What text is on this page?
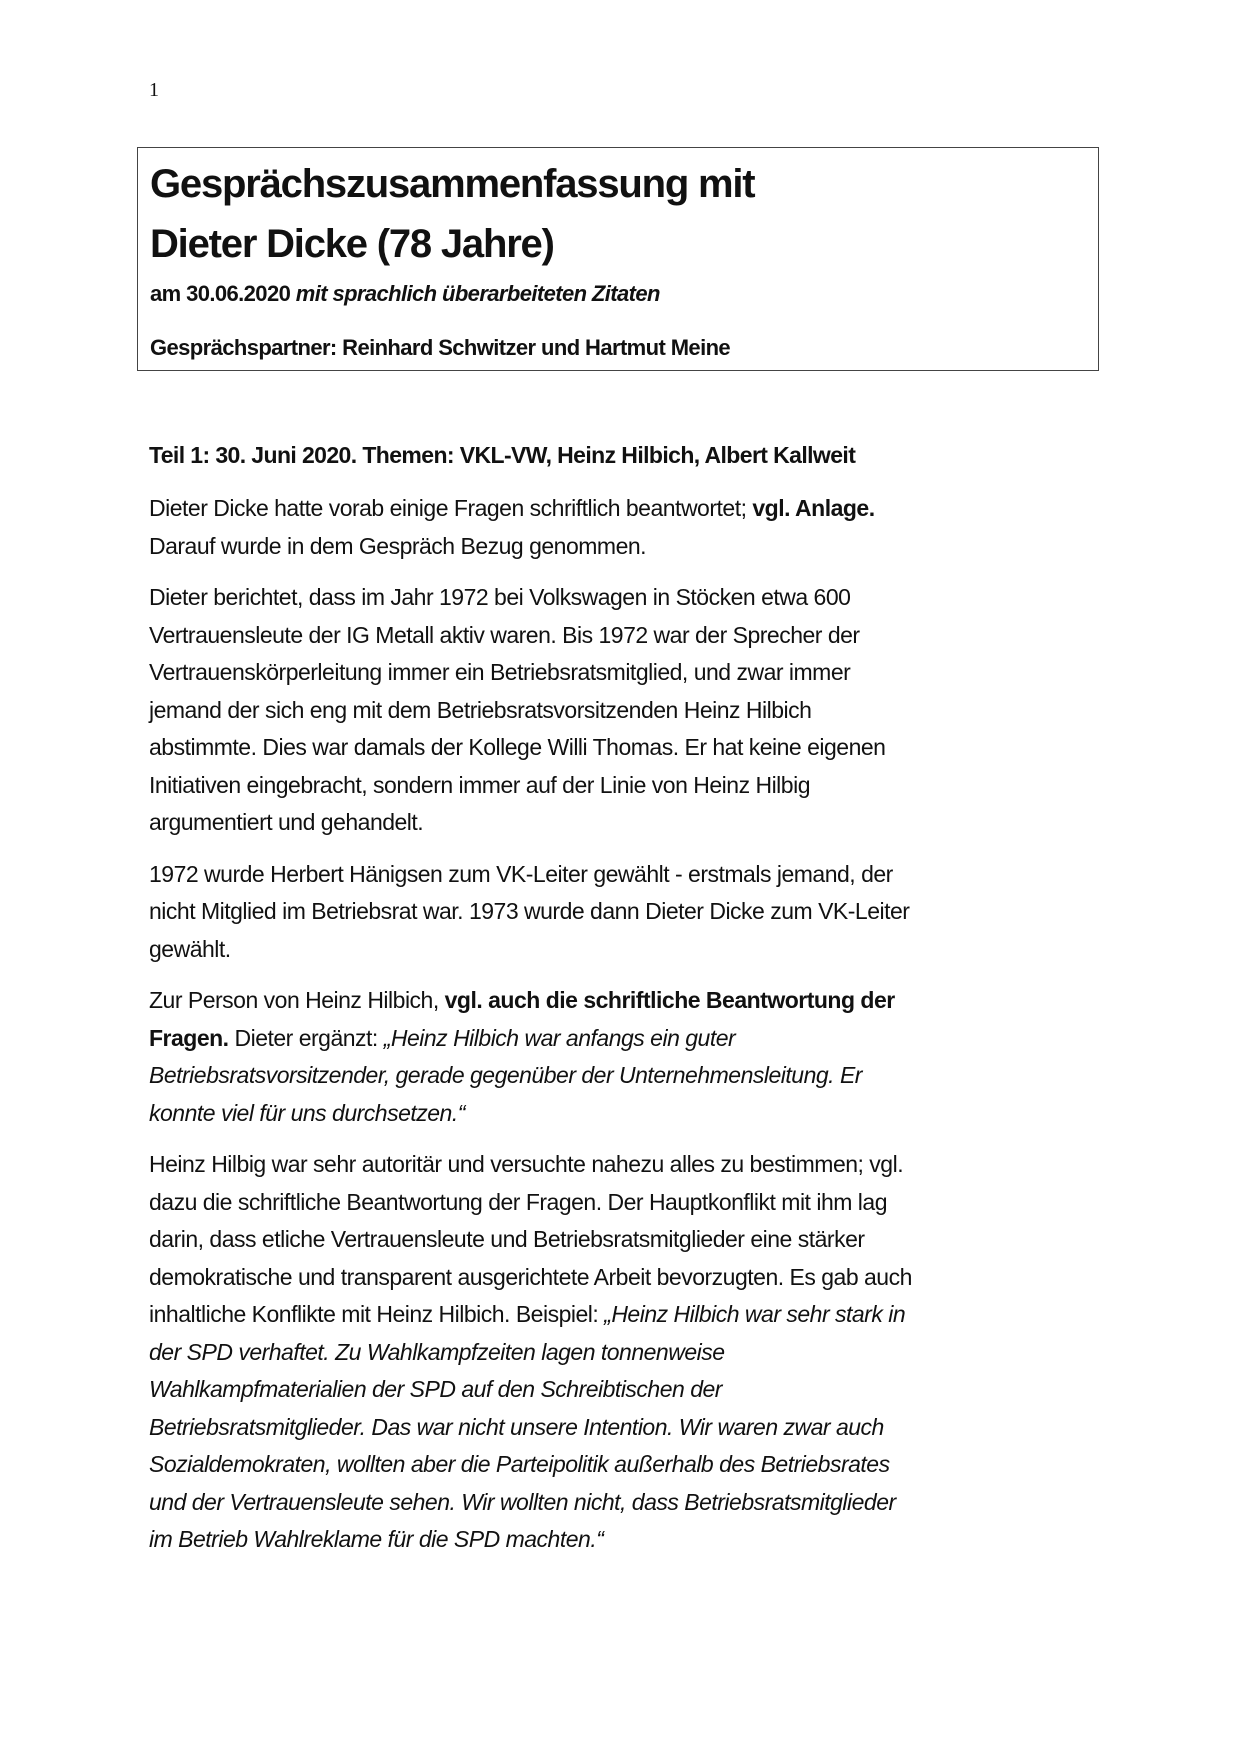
1
Gesprächszusammenfassung mit
Dieter Dicke (78 Jahre)
am 30.06.2020 mit sprachlich überarbeiteten Zitaten
Gesprächspartner: Reinhard Schwitzer und Hartmut Meine
Teil 1: 30. Juni 2020. Themen: VKL-VW, Heinz Hilbich, Albert Kallweit
Dieter Dicke hatte vorab einige Fragen schriftlich beantwortet; vgl. Anlage.
Darauf wurde in dem Gespräch Bezug genommen.
Dieter berichtet, dass im Jahr 1972 bei Volkswagen in Stöcken etwa 600
Vertrauensleute der IG Metall aktiv waren. Bis 1972 war der Sprecher der
Vertrauenskörperleitung immer ein Betriebsratsmitglied, und zwar immer
jemand der sich eng mit dem Betriebsratsvorsitzenden Heinz Hilbich
abstimmte. Dies war damals der Kollege Willi Thomas. Er hat keine eigenen
Initiativen eingebracht, sondern immer auf der Linie von Heinz Hilbig
argumentiert und gehandelt.
1972 wurde Herbert Hänigsen zum VK-Leiter gewählt - erstmals jemand, der
nicht Mitglied im Betriebsrat war. 1973 wurde dann Dieter Dicke zum VK-Leiter
gewählt.
Zur Person von Heinz Hilbich, vgl. auch die schriftliche Beantwortung der
Fragen. Dieter ergänzt: „Heinz Hilbich war anfangs ein guter
Betriebsratsvorsitzender, gerade gegenüber der Unternehmensleitung. Er
konnte viel für uns durchsetzen.“
Heinz Hilbig war sehr autoritär und versuchte nahezu alles zu bestimmen; vgl.
dazu die schriftliche Beantwortung der Fragen. Der Hauptkonflikt mit ihm lag
darin, dass etliche Vertrauensleute und Betriebsratsmitglieder eine stärker
demokratische und transparent ausgerichtete Arbeit bevorzugten. Es gab auch
inhaltliche Konflikte mit Heinz Hilbich. Beispiel: „Heinz Hilbich war sehr stark in
der SPD verhaftet. Zu Wahlkampfzeiten lagen tonnenweise
Wahlkampfmaterialien der SPD auf den Schreibtischen der
Betriebsratsmitglieder. Das war nicht unsere Intention. Wir waren zwar auch
Sozialdemokraten, wollten aber die Parteipolitik außerhalb des Betriebsrates
und der Vertrauensleute sehen. Wir wollten nicht, dass Betriebsratsmitglieder
im Betrieb Wahlreklame für die SPD machten.“
